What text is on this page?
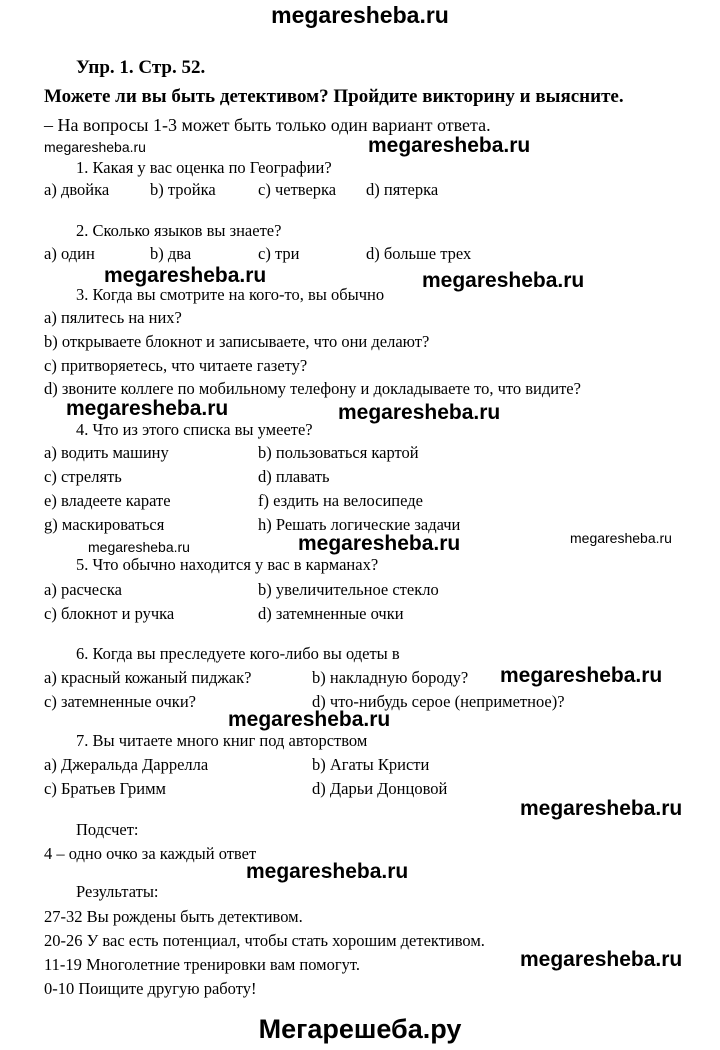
megaresheba.ru
Упр. 1. Стр. 52.
Можете ли вы быть детективом? Пройдите викторину и выясните.
– На вопросы 1-3 может быть только один вариант ответа.
megaresheba.ru	megaresheba.ru
1. Какая у вас оценка по Географии?
a) двойка b) тройка	c) четверка d) пятерка
2. Сколько языков вы знаете?
a) один	b) два	c) три	d) больше трех
megaresheba.ru	megaresheba.ru
3. Когда вы смотрите на кого-то, вы обычно
a) пялитесь на них?
b) открываете блокнот и записываете, что они делают?
c) притворяетесь, что читаете газету?
d) звоните коллеге по мобильному телефону и докладываете то, что видите?
megaresheba.ru	megaresheba.ru
4. Что из этого списка вы умеете?
a) водить машину	b) пользоваться картой
c) стрелять	d) плавать
e) владеете карате	f) ездить на велосипеде
g) маскироваться	h) Решать логические задачи
megaresheba.ru	megaresheba.ru	megaresheba.ru
5. Что обычно находится у вас в карманах?
a) расческа	b) увеличительное стекло
c) блокнот и ручка	d) затемненные очки
6. Когда вы преследуете кого-либо вы одеты в
a) красный кожаный пиджак?	b) накладную бороду? megaresheba.ru
c) затемненные очки?	d) что-нибудь серое (неприметное)?
megaresheba.ru
7. Вы читаете много книг под авторством
a) Джеральда Даррелла	b) Агаты Кристи
c) Братьев Гримм	d) Дарьи Донцовой
megaresheba.ru
Подсчет:
4 – одно очко за каждый ответ
megaresheba.ru
Результаты:
27-32 Вы рождены быть детективом.
20-26 У вас есть потенциал, чтобы стать хорошим детективом.
11-19 Многолетние тренировки вам помогут.	megaresheba.ru
0-10 Поищите другую работу!
Мегарешеба.ру
